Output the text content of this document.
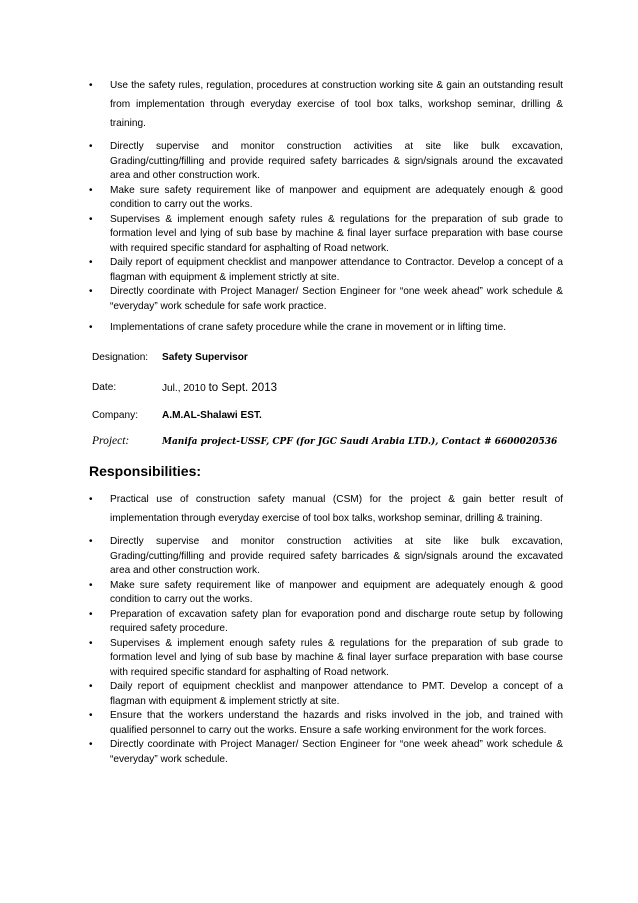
• Use the safety rules, regulation, procedures at construction working site & gain an outstanding result from implementation through everyday exercise of tool box talks, workshop seminar, drilling & training.
• Directly supervise and monitor construction activities at site like bulk excavation, Grading/cutting/filling and provide required safety barricades & sign/signals around the excavated area and other construction work.
• Make sure safety requirement like of manpower and equipment are adequately enough & good condition to carry out the works.
• Supervises & implement enough safety rules & regulations for the preparation of sub grade to formation level and lying of sub base by machine & final layer surface preparation with base course with required specific standard for asphalting of Road network.
• Daily report of equipment checklist and manpower attendance to Contractor. Develop a concept of a flagman with equipment & implement strictly at site.
• Directly coordinate with Project Manager/ Section Engineer for “one week ahead” work schedule & “everyday” work schedule for safe work practice.
• Implementations of crane safety procedure while the crane in movement or in lifting time.
Designation: Safety Supervisor
Date:	Jul., 2010 to Sept. 2013
Company: A.M.AL-Shalawi EST.
Project:	Manifa project-USSF, CPF (for JGC Saudi Arabia LTD.), Contact # 6600020536
Responsibilities:
• Practical use of construction safety manual (CSM) for the project & gain better result of implementation through everyday exercise of tool box talks, workshop seminar, drilling & training.
• Directly supervise and monitor construction activities at site like bulk excavation, Grading/cutting/filling and provide required safety barricades & sign/signals around the excavated area and other construction work.
• Make sure safety requirement like of manpower and equipment are adequately enough & good condition to carry out the works.
• Preparation of excavation safety plan for evaporation pond and discharge route setup by following required safety procedure.
• Supervises & implement enough safety rules & regulations for the preparation of sub grade to formation level and lying of sub base by machine & final layer surface preparation with base course with required specific standard for asphalting of Road network.
• Daily report of equipment checklist and manpower attendance to PMT. Develop a concept of a flagman with equipment & implement strictly at site.
• Ensure that the workers understand the hazards and risks involved in the job, and trained with qualified personnel to carry out the works. Ensure a safe working environment for the work forces.
• Directly coordinate with Project Manager/ Section Engineer for “one week ahead” work schedule & “everyday” work schedule.
